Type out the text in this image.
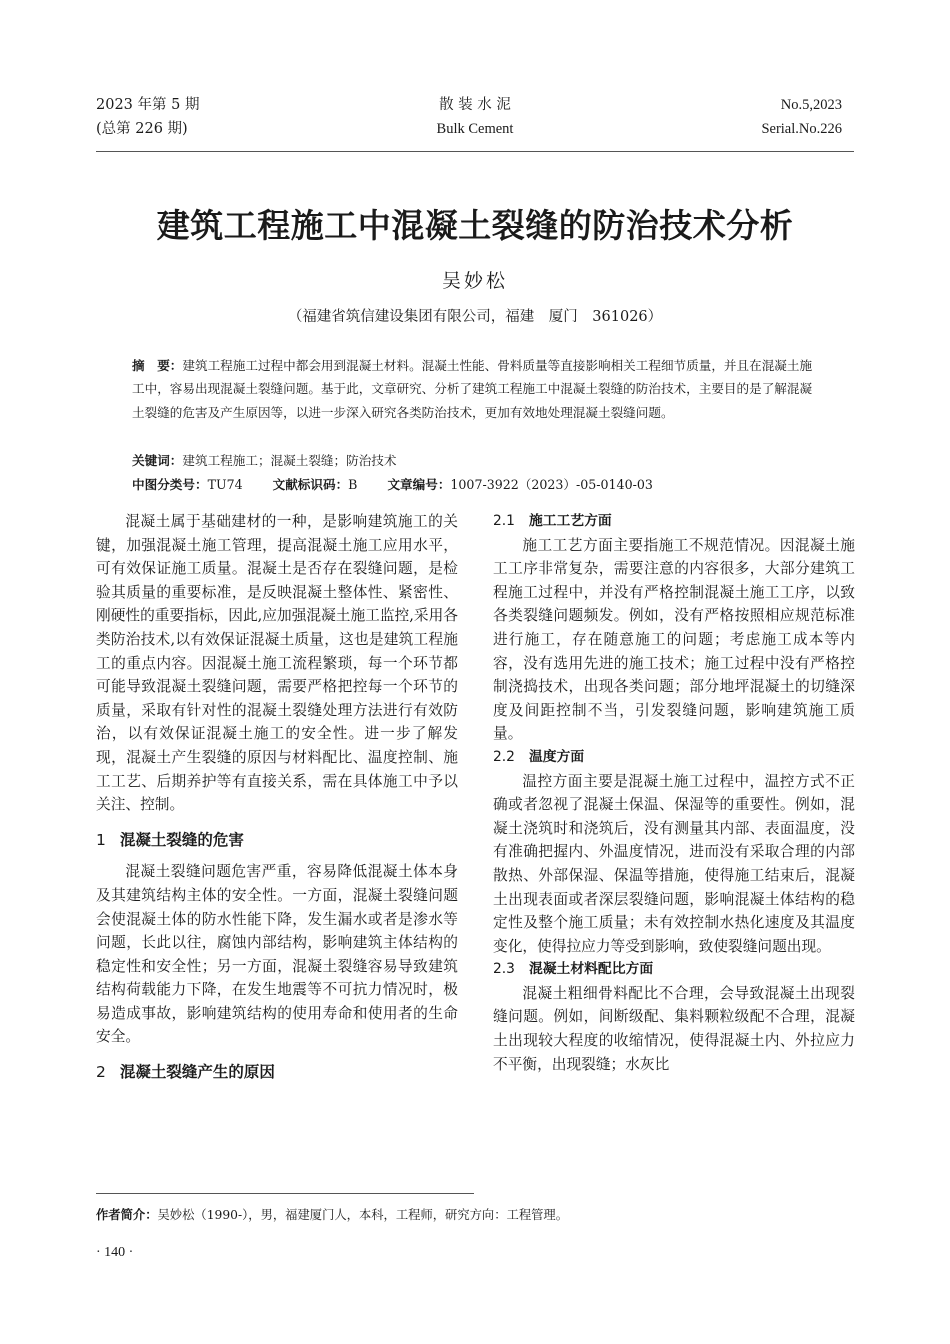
2023 年第 5 期
(总第 226 期)
散 装 水 泥
Bulk Cement
No.5,2023
Serial.No.226
建筑工程施工中混凝土裂缝的防治技术分析
吴妙松
（福建省筑信建设集团有限公司，福建　厦门　361026）
摘　要：建筑工程施工过程中都会用到混凝土材料。混凝土性能、骨料质量等直接影响相关工程细节质量，并且在混凝土施工中，容易出现混凝土裂缝问题。基于此，文章研究、分析了建筑工程施工中混凝土裂缝的防治技术，主要目的是了解混凝土裂缝的危害及产生原因等，以进一步深入研究各类防治技术，更加有效地处理混凝土裂缝问题。
关键词：建筑工程施工；混凝土裂缝；防治技术
中图分类号：TU74 文献标识码：B 文章编号：1007-3922（2023）-05-0140-03

混凝土属于基础建材的一种，是影响建筑施工的关键，加强混凝土施工管理，提高混凝土施工应用水平，可有效保证施工质量。混凝土是否存在裂缝问题，是检验其质量的重要标准，是反映混凝土整体性、紧密性、刚硬性的重要指标，因此,应加强混凝土施工监控,采用各类防治技术,以有效保证混凝土质量，这也是建筑工程施工的重点内容。因混凝土施工流程繁琐，每一个环节都可能导致混凝土裂缝问题，需要严格把控每一个环节的质量，采取有针对性的混凝土裂缝处理方法进行有效防治，以有效保证混凝土施工的安全性。进一步了解发现，混凝土产生裂缝的原因与材料配比、温度控制、施工工艺、后期养护等有直接关系，需在具体施工中予以关注、控制。

1 混凝土裂缝的危害

混凝土裂缝问题危害严重，容易降低混凝土体本身及其建筑结构主体的安全性。一方面，混凝土裂缝问题会使混凝土体的防水性能下降，发生漏水或者是渗水等问题，长此以往，腐蚀内部结构，影响建筑主体结构的稳定性和安全性；另一方面，混凝土裂缝容易导致建筑结构荷载能力下降，在发生地震等不可抗力情况时，极易造成事故，影响建筑结构的使用寿命和使用者的生命安全。

2 混凝土裂缝产生的原因
2.1 施工工艺方面

施工工艺方面主要指施工不规范情况。因混凝土施工工序非常复杂，需要注意的内容很多，大部分建筑工程施工过程中，并没有严格控制混凝土施工工序，以致各类裂缝问题频发。例如，没有严格按照相应规范标准进行施工，存在随意施工的问题；考虑施工成本等内容，没有选用先进的施工技术；施工过程中没有严格控制浇捣技术，出现各类问题；部分地坪混凝土的切缝深度及间距控制不当，引发裂缝问题，影响建筑施工质量。

2.2 温度方面

温控方面主要是混凝土施工过程中，温控方式不正确或者忽视了混凝土保温、保湿等的重要性。例如，混凝土浇筑时和浇筑后，没有测量其内部、表面温度，没有准确把握内、外温度情况，进而没有采取合理的内部散热、外部保湿、保温等措施，使得施工结束后，混凝土出现表面或者深层裂缝问题，影响混凝土体结构的稳定性及整个施工质量；未有效控制水热化速度及其温度变化，使得拉应力等受到影响，致使裂缝问题出现。

2.3 混凝土材料配比方面

混凝土粗细骨料配比不合理，会导致混凝土出现裂缝问题。例如，间断级配、集料颗粒级配不合理，混凝土出现较大程度的收缩情况，使得混凝土内、外拉应力不平衡，出现裂缝；水灰比

作者简介：吴妙松（1990-），男，福建厦门人，本科，工程师，研究方向：工程管理。
· 140 ·
